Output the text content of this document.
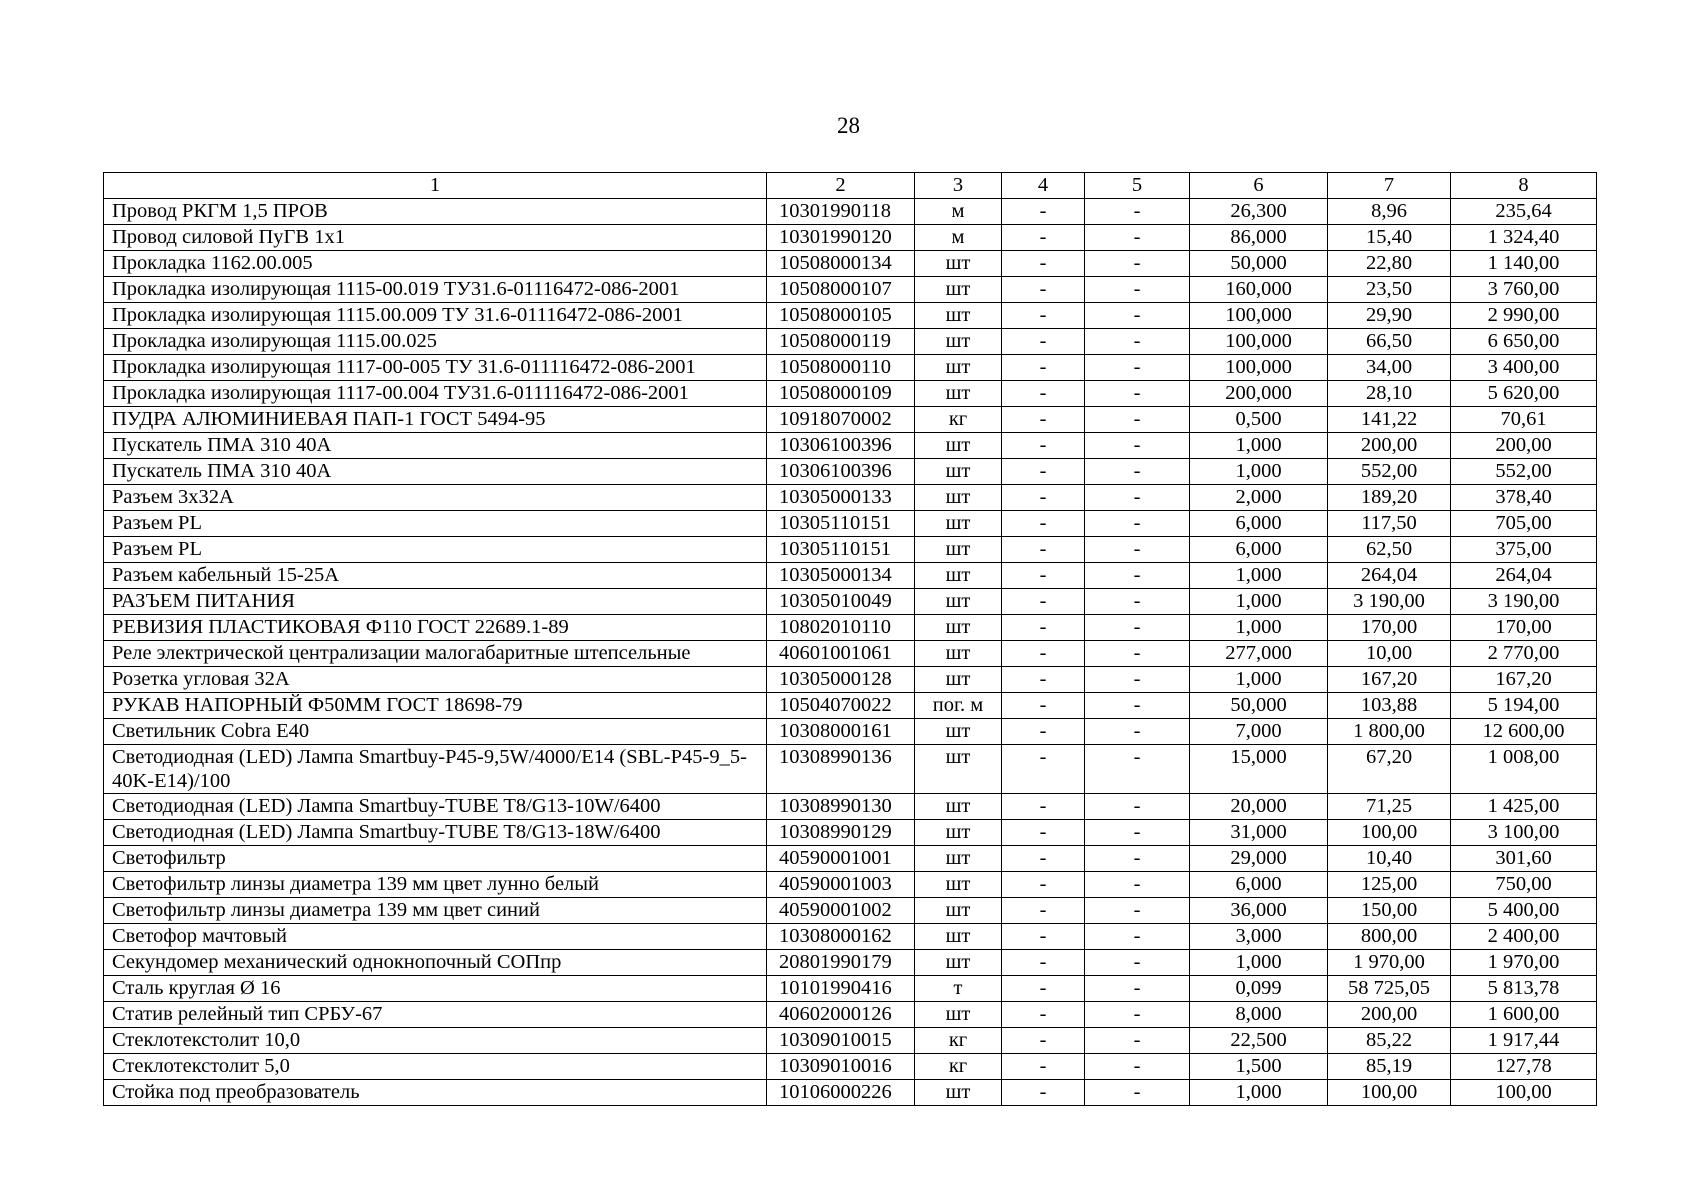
28
1	2	3	4	5	6	7	8
Провод РКГМ 1,5 ПРОВ	10301990118	м	-	-	26,300	8,96	235,64
Провод силовой ПуГВ 1x1	10301990120	м	-	-	86,000	15,40	1 324,40
Прокладка 1162.00.005	10508000134	шт	-	-	50,000	22,80	1 140,00
Прокладка изолирующая 1115-00.019 ТУ31.6-01116472-086-2001	10508000107	шт	-	-	160,000	23,50	3 760,00
Прокладка изолирующая 1115.00.009 ТУ 31.6-01116472-086-2001	10508000105	шт	-	-	100,000	29,90	2 990,00
Прокладка изолирующая 1115.00.025	10508000119	шт	-	-	100,000	66,50	6 650,00
Прокладка изолирующая 1117-00-005 ТУ 31.6-011116472-086-2001	10508000110	шт	-	-	100,000	34,00	3 400,00
Прокладка изолирующая 1117-00.004 ТУ31.6-011116472-086-2001	10508000109	шт	-	-	200,000	28,10	5 620,00
ПУДРА АЛЮМИНИЕВАЯ ПАП-1 ГОСТ 5494-95	10918070002	кг	-	-	0,500	141,22	70,61
Пускатель ПМА 310 40А	10306100396	шт	-	-	1,000	200,00	200,00
Пускатель ПМА 310 40А	10306100396	шт	-	-	1,000	552,00	552,00
Разъем 3х32А	10305000133	шт	-	-	2,000	189,20	378,40
Разъем PL	10305110151	шт	-	-	6,000	117,50	705,00
Разъем PL	10305110151	шт	-	-	6,000	62,50	375,00
Разъем кабельный 15-25А	10305000134	шт	-	-	1,000	264,04	264,04
РАЗЪЕМ ПИТАНИЯ	10305010049	шт	-	-	1,000	3 190,00	3 190,00
РЕВИЗИЯ ПЛАСТИКОВАЯ Ф110 ГОСТ 22689.1-89	10802010110	шт	-	-	1,000	170,00	170,00
Реле электрической централизации малогабаритные штепсельные	40601001061	шт	-	-	277,000	10,00	2 770,00
Розетка угловая 32А	10305000128	шт	-	-	1,000	167,20	167,20
РУКАВ НАПОРНЫЙ Ф50ММ ГОСТ 18698-79	10504070022	пог. м	-	-	50,000	103,88	5 194,00
Светильник Cobra E40	10308000161	шт	-	-	7,000	1 800,00	12 600,00
Светодиодная (LED) Лампа Smartbuy-P45-9,5W/4000/E14 (SBL-P45-9_5-40K-E14)/100	10308990136	шт	-	-	15,000	67,20	1 008,00
Светодиодная (LED) Лампа Smartbuy-TUBE T8/G13-10W/6400	10308990130	шт	-	-	20,000	71,25	1 425,00
Светодиодная (LED) Лампа Smartbuy-TUBE T8/G13-18W/6400	10308990129	шт	-	-	31,000	100,00	3 100,00
Светофильтр	40590001001	шт	-	-	29,000	10,40	301,60
Светофильтр линзы диаметра 139 мм цвет лунно белый	40590001003	шт	-	-	6,000	125,00	750,00
Светофильтр линзы диаметра 139 мм цвет синий	40590001002	шт	-	-	36,000	150,00	5 400,00
Светофор мачтовый	10308000162	шт	-	-	3,000	800,00	2 400,00
Секундомер механический однокнопочный СОПпр	20801990179	шт	-	-	1,000	1 970,00	1 970,00
Сталь круглая Ø 16	10101990416	т	-	-	0,099	58 725,05	5 813,78
Статив релейный тип СРБУ-67	40602000126	шт	-	-	8,000	200,00	1 600,00
Стеклотекстолит 10,0	10309010015	кг	-	-	22,500	85,22	1 917,44
Стеклотекстолит 5,0	10309010016	кг	-	-	1,500	85,19	127,78
Стойка под преобразователь	10106000226	шт	-	-	1,000	100,00	100,00
